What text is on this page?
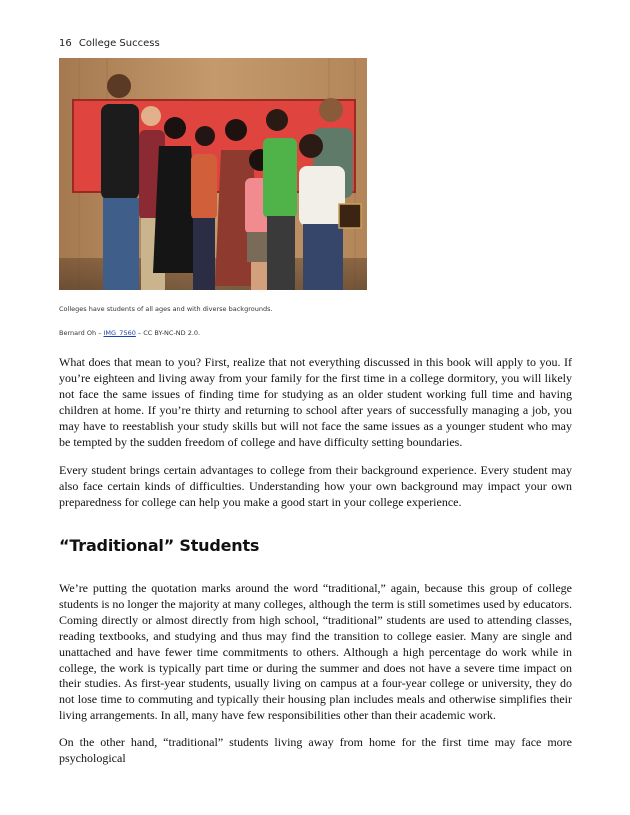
16 College Success
Colleges have students of all ages and with diverse backgrounds.
Bernard Oh – IMG_7560 – CC BY-NC-ND 2.0.

What does that mean to you? First, realize that not everything discussed in this book will apply to you. If you’re eighteen and living away from your family for the first time in a college dormitory, you will likely not face the same issues of finding time for studying as an older student working full time and having children at home. If you’re thirty and returning to school after years of successfully managing a job, you may have to reestablish your study skills but will not face the same issues as a younger student who may be tempted by the sudden freedom of college and have difficulty setting boundaries.

Every student brings certain advantages to college from their background experience. Every student may also face certain kinds of difficulties. Understanding how your own background may impact your own preparedness for college can help you make a good start in your college experience.

“Traditional” Students

We’re putting the quotation marks around the word “traditional,” again, because this group of college students is no longer the majority at many colleges, although the term is still sometimes used by educators. Coming directly or almost directly from high school, “traditional” students are used to attending classes, reading textbooks, and studying and thus may find the transition to college easier. Many are single and unattached and have fewer time commitments to others. Although a high percentage do work while in college, the work is typically part time or during the summer and does not have a severe time impact on their studies. As first-year students, usually living on campus at a four-year college or university, they do not lose time to commuting and typically their housing plan includes meals and otherwise simplifies their living arrangements. In all, many have few responsibilities other than their academic work.

On the other hand, “traditional” students living away from home for the first time may face more psychological
